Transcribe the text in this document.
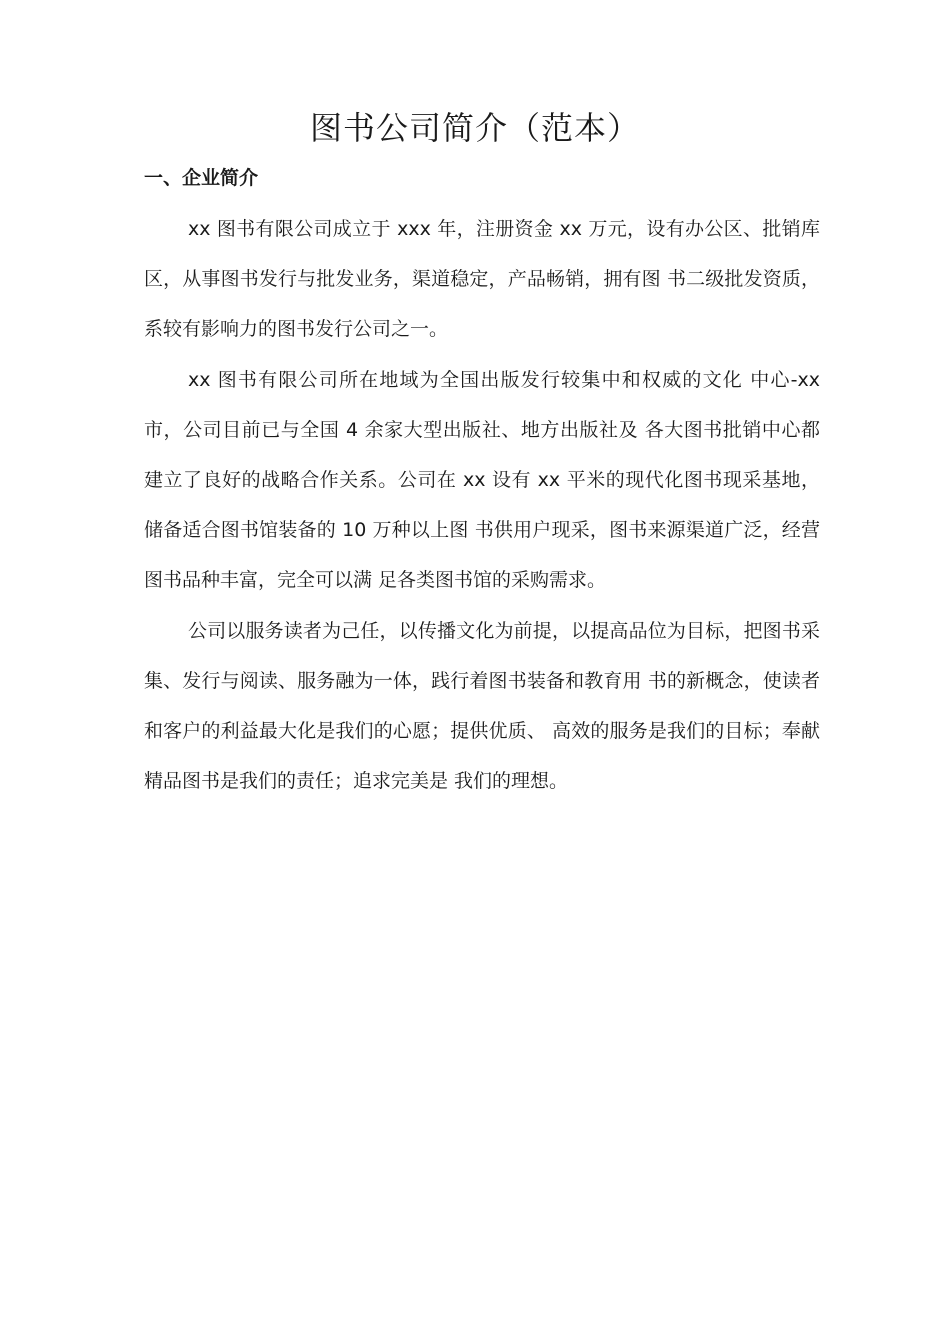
图书公司简介（范本）
一、企业简介

xx 图书有限公司成立于 xxx 年，注册资金 xx 万元，设有办公区、批销库区，从事图书发行与批发业务，渠道稳定，产品畅销，拥有图 书二级批发资质，系较有影响力的图书发行公司之一。

xx 图书有限公司所在地域为全国出版发行较集中和权威的文化 中心-xx 市，公司目前已与全国 4 余家大型出版社、地方出版社及 各大图书批销中心都建立了良好的战略合作关系。公司在 xx 设有 xx 平米的现代化图书现采基地，储备适合图书馆装备的 10 万种以上图 书供用户现采，图书来源渠道广泛，经营图书品种丰富，完全可以满 足各类图书馆的采购需求。

公司以服务读者为己任，以传播文化为前提，以提高品位为目标，把图书采集、发行与阅读、服务融为一体，践行着图书装备和教育用 书的新概念，使读者和客户的利益最大化是我们的心愿；提供优质、 高效的服务是我们的目标；奉献精品图书是我们的责任；追求完美是 我们的理想。
